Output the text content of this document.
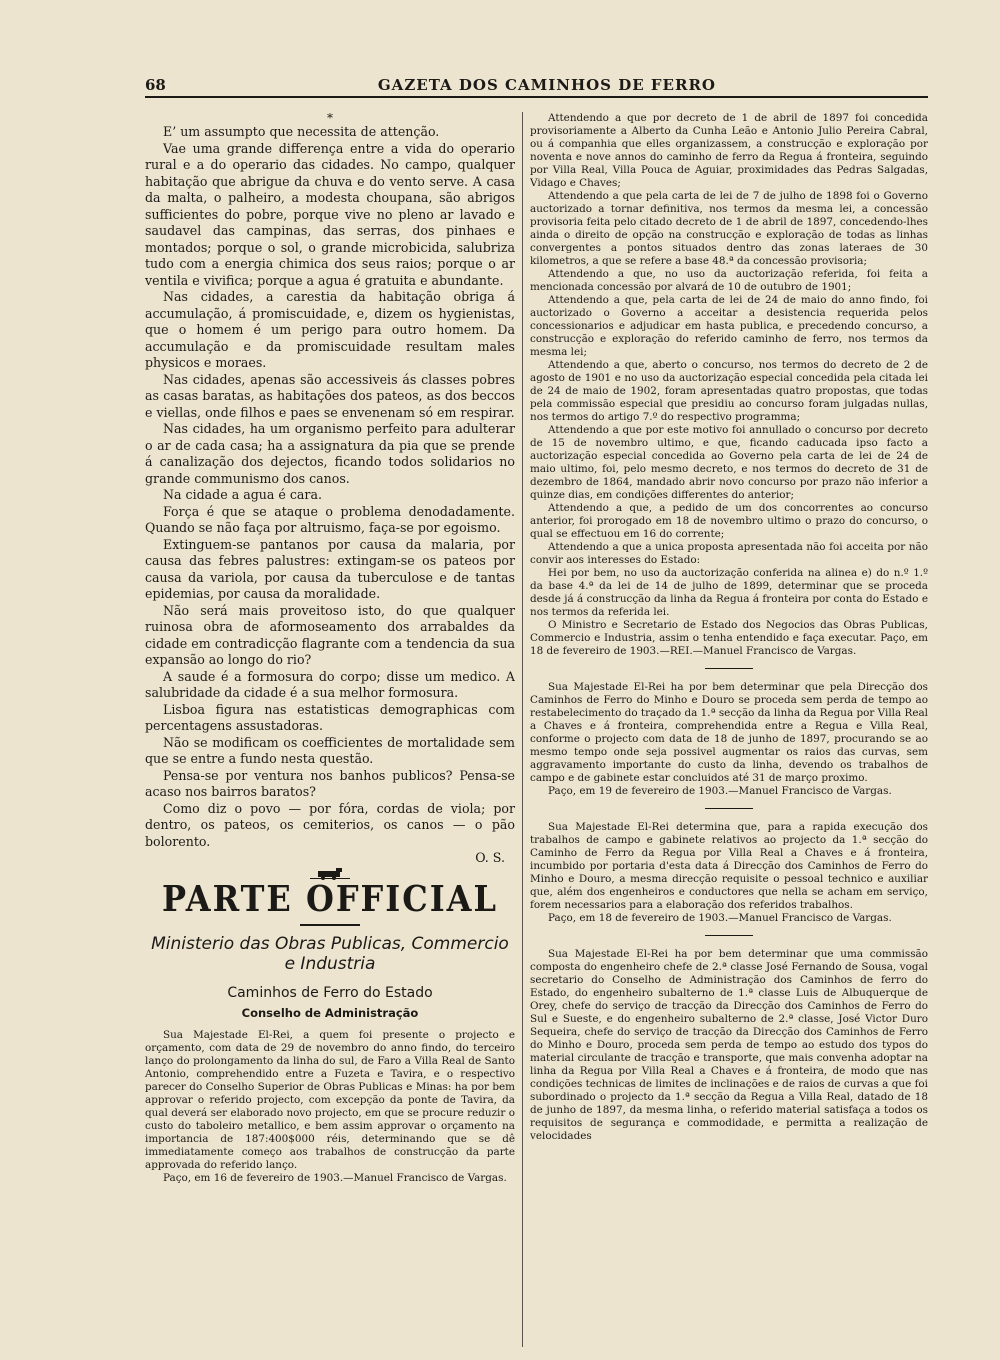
68	GAZETA DOS CAMINHOS DE FERRO

*

E’ um assumpto que necessita de attenção.

Vae uma grande differença entre a vida do operario rural e a do operario das cidades. No campo, qualquer habitação que abrigue da chuva e do vento serve. A casa da malta, o palheiro, a modesta choupana, são abrigos sufficientes do pobre, porque vive no pleno ar lavado e saudavel das campinas, das serras, dos pinhaes e montados; porque o sol, o grande microbicida, salubriza tudo com a energia chimica dos seus raios; porque o ar ventila e vivifica; porque a agua é gratuita e abundante.

Nas cidades, a carestia da habitação obriga á accumulação, á promiscuidade, e, dizem os hygienistas, que o homem é um perigo para outro homem. Da accumulação e da promiscuidade resultam males physicos e moraes.

Nas cidades, apenas são accessiveis ás classes pobres as casas baratas, as habitações dos pateos, as dos beccos e viellas, onde filhos e paes se envenenam só em respirar.

Nas cidades, ha um organismo perfeito para adulterar o ar de cada casa; ha a assignatura da pia que se prende á canalização dos dejectos, ficando todos solidarios no grande communismo dos canos.

Na cidade a agua é cara.

Força é que se ataque o problema denodadamente. Quando se não faça por altruismo, faça-se por egoismo.

Extinguem-se pantanos por causa da malaria, por causa das febres palustres: extingam-se os pateos por causa da variola, por causa da tuberculose e de tantas epidemias, por causa da moralidade.

Não será mais proveitoso isto, do que qualquer ruinosa obra de aformoseamento dos arrabaldes da cidade em contradicção flagrante com a tendencia da sua expansão ao longo do rio?

A saude é a formosura do corpo; disse um medico. A salubridade da cidade é a sua melhor formosura.

Lisboa figura nas estatisticas demographicas com percentagens assustadoras.

Não se modificam os coefficientes de mortalidade sem que se entre a fundo nesta questão.

Pensa-se por ventura nos banhos publicos? Pensa-se acaso nos bairros baratos?

Como diz o povo — por fóra, cordas de viola; por dentro, os pateos, os cemiterios, os canos — o pão bolorento.

O. S.

PARTE OFFICIAL

Ministerio das Obras Publicas, Commercio e Industria

Caminhos de Ferro do Estado

Conselho de Administração

Sua Majestade El-Rei, a quem foi presente o projecto e orçamento, com data de 29 de novembro do anno findo, do terceiro lanço do prolongamento da linha do sul, de Faro a Villa Real de Santo Antonio, comprehendido entre a Fuzeta e Tavira, e o respectivo parecer do Conselho Superior de Obras Publicas e Minas: ha por bem approvar o referido projecto, com excepção da ponte de Tavira, da qual deverá ser elaborado novo projecto, em que se procure reduzir o custo do taboleiro metallico, e bem assim approvar o orçamento na importancia de 187:400$000 réis, determinando que se dê immediatamente começo aos trabalhos de construcção da parte approvada do referido lanço.

Paço, em 16 de fevereiro de 1903.—Manuel Francisco de Vargas.

Attendendo a que por decreto de 1 de abril de 1897 foi concedida provisoriamente a Alberto da Cunha Leão e Antonio Julio Pereira Cabral, ou á companhia que elles organizassem, a construcção e exploração por noventa e nove annos do caminho de ferro da Regua á fronteira, seguindo por Villa Real, Villa Pouca de Aguiar, proximidades das Pedras Salgadas, Vidago e Chaves;

Attendendo a que pela carta de lei de 7 de julho de 1898 foi o Governo auctorizado a tornar definitiva, nos termos da mesma lei, a concessão provisoria feita pelo citado decreto de 1 de abril de 1897, concedendo-lhes ainda o direito de opção na construcção e exploração de todas as linhas convergentes a pontos situados dentro das zonas lateraes de 30 kilometros, a que se refere a base 48.ª da concessão provisoria;

Attendendo a que, no uso da auctorização referida, foi feita a mencionada concessão por alvará de 10 de outubro de 1901;

Attendendo a que, pela carta de lei de 24 de maio do anno findo, foi auctorizado o Governo a acceitar a desistencia requerida pelos concessionarios e adjudicar em hasta publica, e precedendo concurso, a construcção e exploração do referido caminho de ferro, nos termos da mesma lei;

Attendendo a que, aberto o concurso, nos termos do decreto de 2 de agosto de 1901 e no uso da auctorização especial concedida pela citada lei de 24 de maio de 1902, foram apresentadas quatro propostas, que todas pela commissão especial que presidiu ao concurso foram julgadas nullas, nos termos do artigo 7.º do respectivo programma;

Attendendo a que por este motivo foi annullado o concurso por decreto de 15 de novembro ultimo, e que, ficando caducada ipso facto a auctorização especial concedida ao Governo pela carta de lei de 24 de maio ultimo, foi, pelo mesmo decreto, e nos termos do decreto de 31 de dezembro de 1864, mandado abrir novo concurso por prazo não inferior a quinze dias, em condições differentes do anterior;

Attendendo a que, a pedido de um dos concorrentes ao concurso anterior, foi prorogado em 18 de novembro ultimo o prazo do concurso, o qual se effectuou em 16 do corrente;

Attendendo a que a unica proposta apresentada não foi acceita por não convir aos interesses do Estado:

Hei por bem, no uso da auctorização conferida na alinea e) do n.º 1.º da base 4.ª da lei de 14 de julho de 1899, determinar que se proceda desde já á construcção da linha da Regua á fronteira por conta do Estado e nos termos da referida lei.

O Ministro e Secretario de Estado dos Negocios das Obras Publicas, Commercio e Industria, assim o tenha entendido e faça executar. Paço, em 18 de fevereiro de 1903.—REI.—Manuel Francisco de Vargas.

Sua Majestade El-Rei ha por bem determinar que pela Direcção dos Caminhos de Ferro do Minho e Douro se proceda sem perda de tempo ao restabelecimento do traçado da 1.ª secção da linha da Regua por Villa Real a Chaves e á fronteira, comprehendida entre a Regua e Villa Real, conforme o projecto com data de 18 de junho de 1897, procurando se ao mesmo tempo onde seja possivel augmentar os raios das curvas, sem aggravamento importante do custo da linha, devendo os trabalhos de campo e de gabinete estar concluidos até 31 de março proximo.

Paço, em 19 de fevereiro de 1903.—Manuel Francisco de Vargas.

Sua Majestade El-Rei determina que, para a rapida execução dos trabalhos de campo e gabinete relativos ao projecto da 1.ª secção do Caminho de Ferro da Regua por Villa Real a Chaves e á fronteira, incumbido por portaria d'esta data á Direcção dos Caminhos de Ferro do Minho e Douro, a mesma direcção requisite o pessoal technico e auxiliar que, além dos engenheiros e conductores que nella se acham em serviço, forem necessarios para a elaboração dos referidos trabalhos.

Paço, em 18 de fevereiro de 1903.—Manuel Francisco de Vargas.

Sua Majestade El-Rei ha por bem determinar que uma commissão composta do engenheiro chefe de 2.ª classe José Fernando de Sousa, vogal secretario do Conselho de Administração dos Caminhos de ferro do Estado, do engenheiro subalterno de 1.ª classe Luis de Albuquerque de Orey, chefe do serviço de tracção da Direcção dos Caminhos de Ferro do Sul e Sueste, e do engenheiro subalterno de 2.ª classe, José Victor Duro Sequeira, chefe do serviço de tracção da Direcção dos Caminhos de Ferro do Minho e Douro, proceda sem perda de tempo ao estudo dos typos do material circulante de tracção e transporte, que mais convenha adoptar na linha da Regua por Villa Real a Chaves e á fronteira, de modo que nas condições technicas de limites de inclinações e de raios de curvas a que foi subordinado o projecto da 1.ª secção da Regua a Villa Real, datado de 18 de junho de 1897, da mesma linha, o referido material satisfaça a todos os requisitos de segurança e commodidade, e permitta a realização de velocidades
